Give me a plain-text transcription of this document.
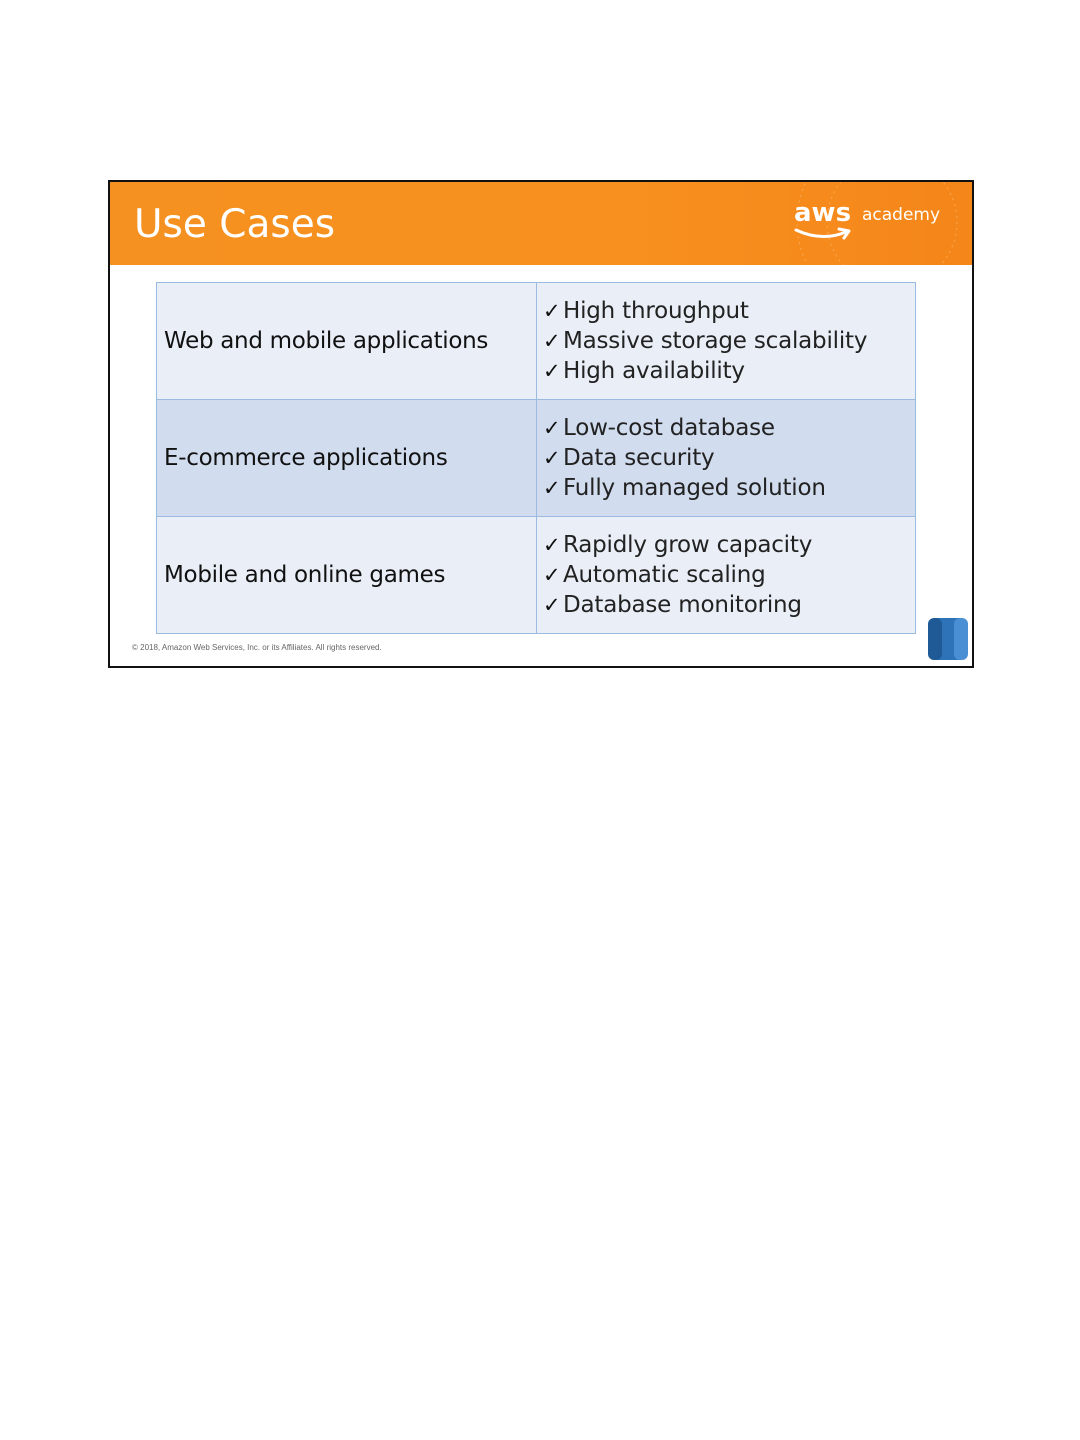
Use Cases	aws academy
Web and mobile applications	✓ High throughput
✓ Massive storage scalability
✓ High availability

E-commerce applications	✓ Low-cost database
✓ Data security
✓ Fully managed solution

Mobile and online games	✓ Rapidly grow capacity
✓ Automatic scaling
✓ Database monitoring
© 2018, Amazon Web Services, Inc. or its Affiliates. All rights reserved.
